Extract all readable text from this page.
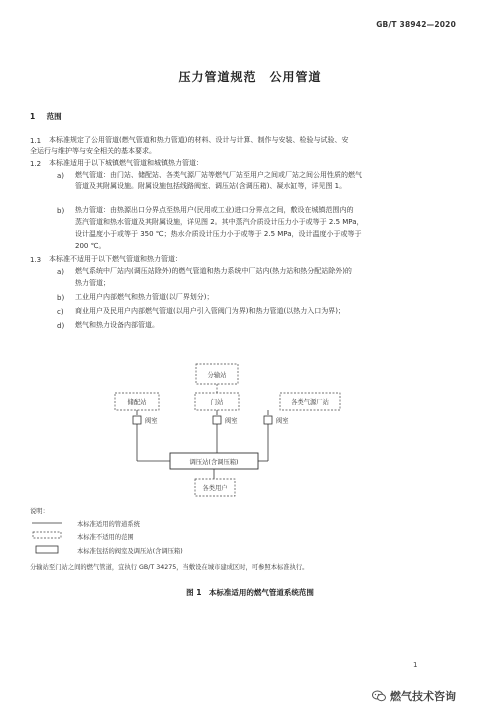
GB/T 38942—2020
压力管道规范　公用管道
1 范围
1.1 本标准规定了公用管道(燃气管道和热力管道)的材料、设计与计算、制作与安装、检验与试验、安
全运行与维护等与安全相关的基本要求。
1.2 本标准适用于以下城镇燃气管道和城镇热力管道：
a) 燃气管道：由门站、储配站、各类气源厂站等燃气厂站至用户之间或厂站之间公用性质的燃气
管道及其附属设施。附属设施包括线路阀室、调压站(含调压箱)、凝水缸等，详见图 1。
b) 热力管道：由热源出口分界点至热用户(民用或工业)进口分界点之间，敷设在城镇范围内的
蒸汽管道和热水管道及其附属设施，详见图 2。其中蒸汽介质设计压力小于或等于 2.5 MPa，
设计温度小于或等于 350 ℃；热水介质设计压力小于或等于 2.5 MPa，设计温度小于或等于
200 ℃。
1.3 本标准不适用于以下燃气管道和热力管道：
a) 燃气系统中厂站内(调压站除外)的燃气管道和热力系统中厂站内(热力站和热分配站除外)的
热力管道；
b) 工业用户内部燃气和热力管道(以厂界划分)；
c) 商业用户及民用户内部燃气管道(以用户引入管阀门为界)和热力管道(以热力入口为界)；
d) 燃气和热力设备内部管道。
分输站
储配站	门站	各类气源厂站
阀室	阀室	阀室
调压站(含调压箱)
各类用户
说明：
本标准适用的管道系统
本标准不适用的范围
本标准包括的阀室及调压站(含调压箱)
分输站至门站之间的燃气管道，宜执行 GB/T 34275，当敷设在城市建成区时，可参照本标准执行。
图 1　本标准适用的燃气管道系统范围
1
燃气技术咨询
